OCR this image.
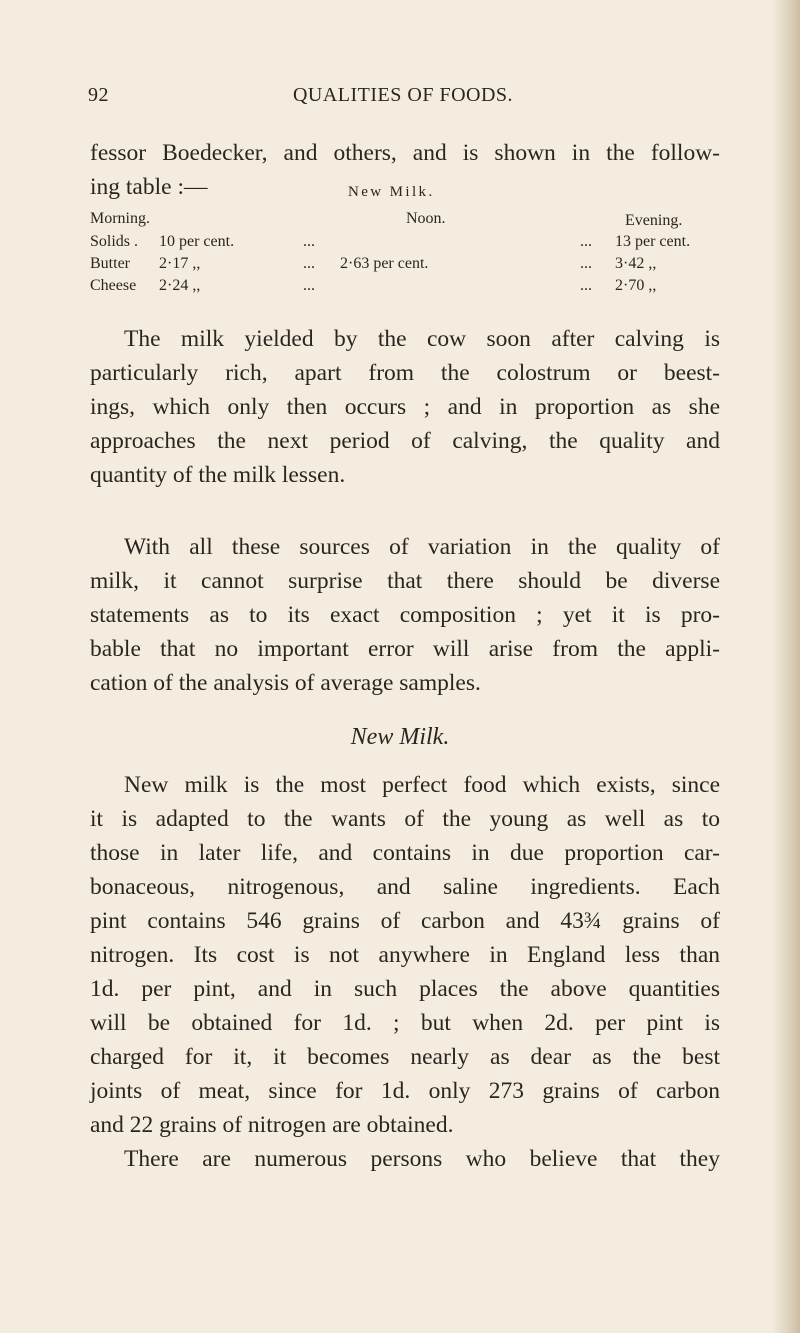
92	QUALITIES OF FOODS.
fessor Boedecker, and others, and is shown in the follow-
ing table :—	New Milk.
Morning.	Noon.	Evening.
Solids . 10 per cent.	...	... 13 per cent.
Butter 2·17 ,,	... 2·63 per cent.	... 3·42 ,,
Cheese 2·24 ,,	...	... 2·70 ,,
The milk yielded by the cow soon after calving is
particularly rich, apart from the colostrum or beest-
ings, which only then occurs ; and in proportion as she
approaches the next period of calving, the quality and
quantity of the milk lessen.
With all these sources of variation in the quality of
milk, it cannot surprise that there should be diverse
statements as to its exact composition ; yet it is pro-
bable that no important error will arise from the appli-
cation of the analysis of average samples.
New Milk.
New milk is the most perfect food which exists, since
it is adapted to the wants of the young as well as to
those in later life, and contains in due proportion car-
bonaceous, nitrogenous, and saline ingredients. Each
pint contains 546 grains of carbon and 43¾ grains of
nitrogen. Its cost is not anywhere in England less than
1d. per pint, and in such places the above quantities
will be obtained for 1d. ; but when 2d. per pint is
charged for it, it becomes nearly as dear as the best
joints of meat, since for 1d. only 273 grains of carbon
and 22 grains of nitrogen are obtained.
There are numerous persons who believe that they
